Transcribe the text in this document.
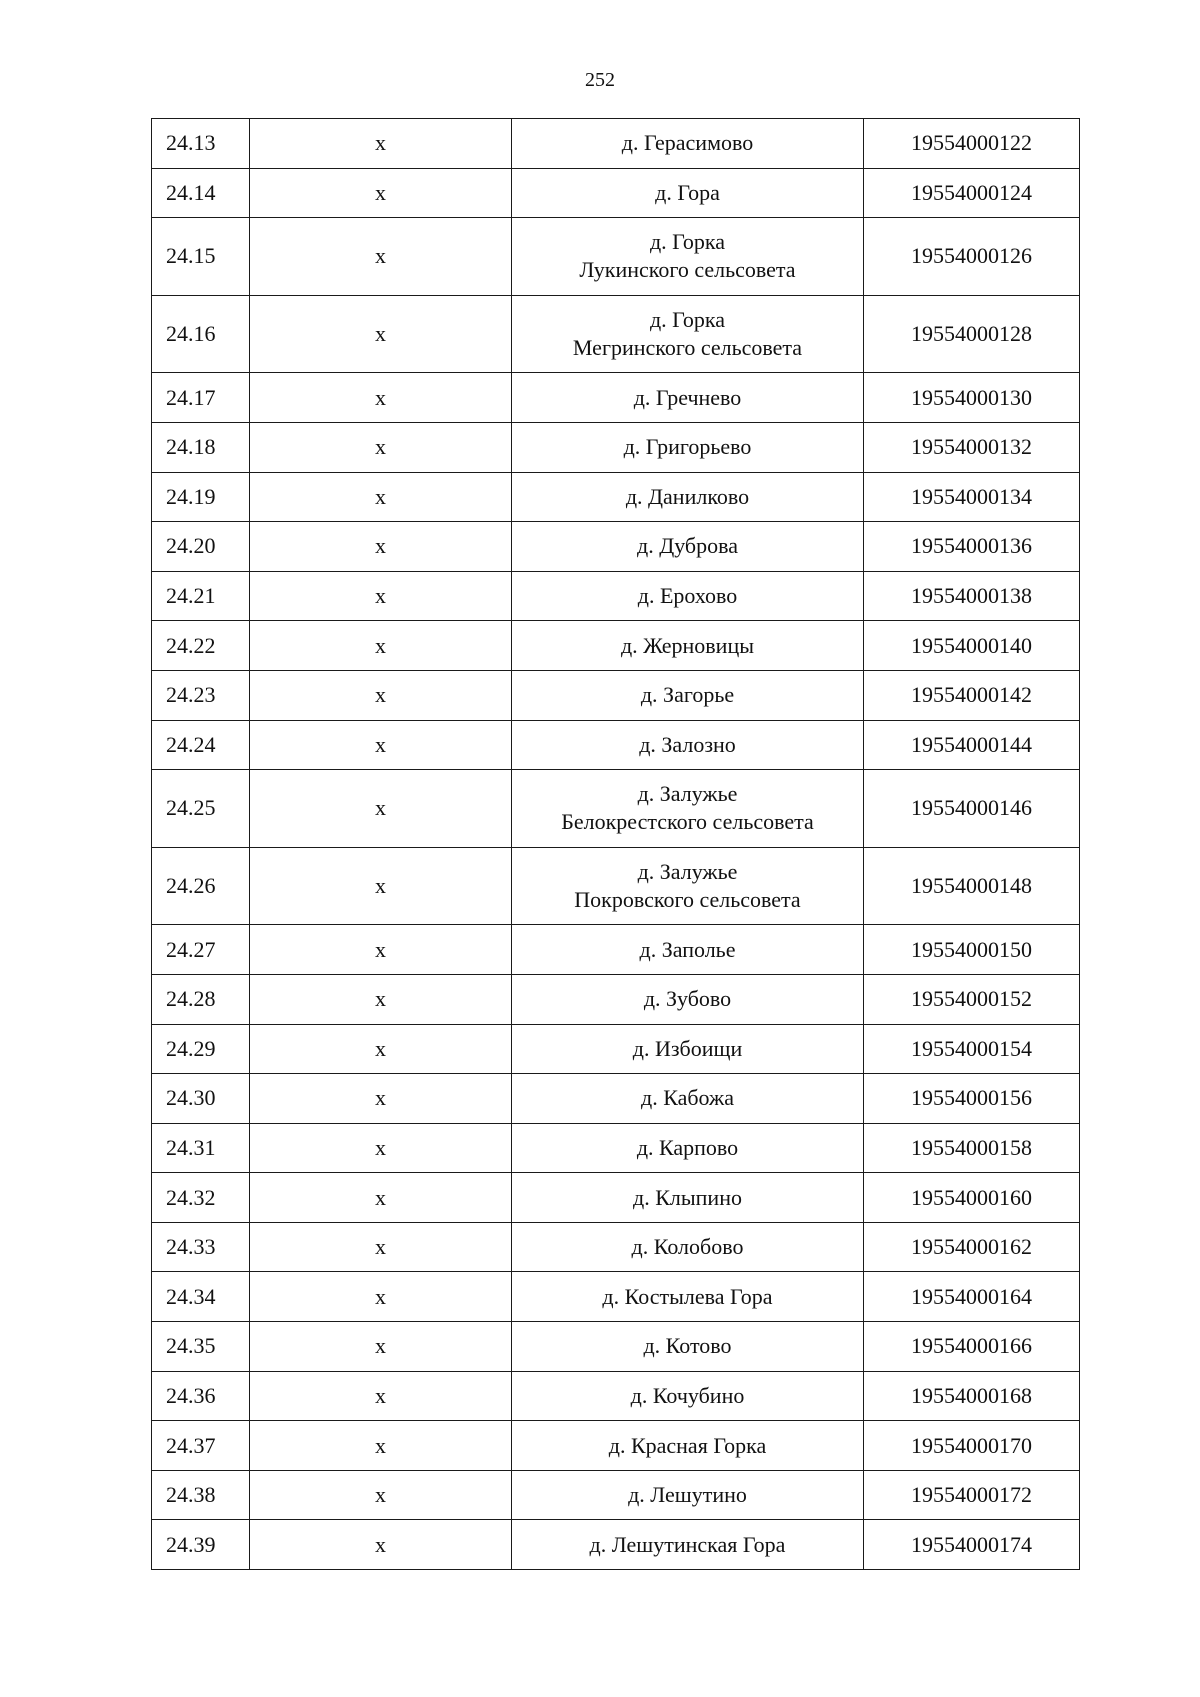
252
24.13	x	д. Герасимово	19554000122
24.14	x	д. Гора	19554000124
24.15	x	д. Горка
Лукинского сельсовета	19554000126
24.16	x	д. Горка
Мегринского сельсовета	19554000128
24.17	x	д. Гречнево	19554000130
24.18	x	д. Григорьево	19554000132
24.19	x	д. Данилково	19554000134
24.20	x	д. Дуброва	19554000136
24.21	x	д. Ерохово	19554000138
24.22	x	д. Жерновицы	19554000140
24.23	x	д. Загорье	19554000142
24.24	x	д. Залозно	19554000144
24.25	x	д. Залужье
Белокрестского сельсовета	19554000146
24.26	x	д. Залужье
Покровского сельсовета	19554000148
24.27	x	д. Заполье	19554000150
24.28	x	д. Зубово	19554000152
24.29	x	д. Избоищи	19554000154
24.30	x	д. Кабожа	19554000156
24.31	x	д. Карпово	19554000158
24.32	x	д. Клыпино	19554000160
24.33	x	д. Колобово	19554000162
24.34	x	д. Костылева Гора	19554000164
24.35	x	д. Котово	19554000166
24.36	x	д. Кочубино	19554000168
24.37	x	д. Красная Горка	19554000170
24.38	x	д. Лешутино	19554000172
24.39	x	д. Лешутинская Гора	19554000174
